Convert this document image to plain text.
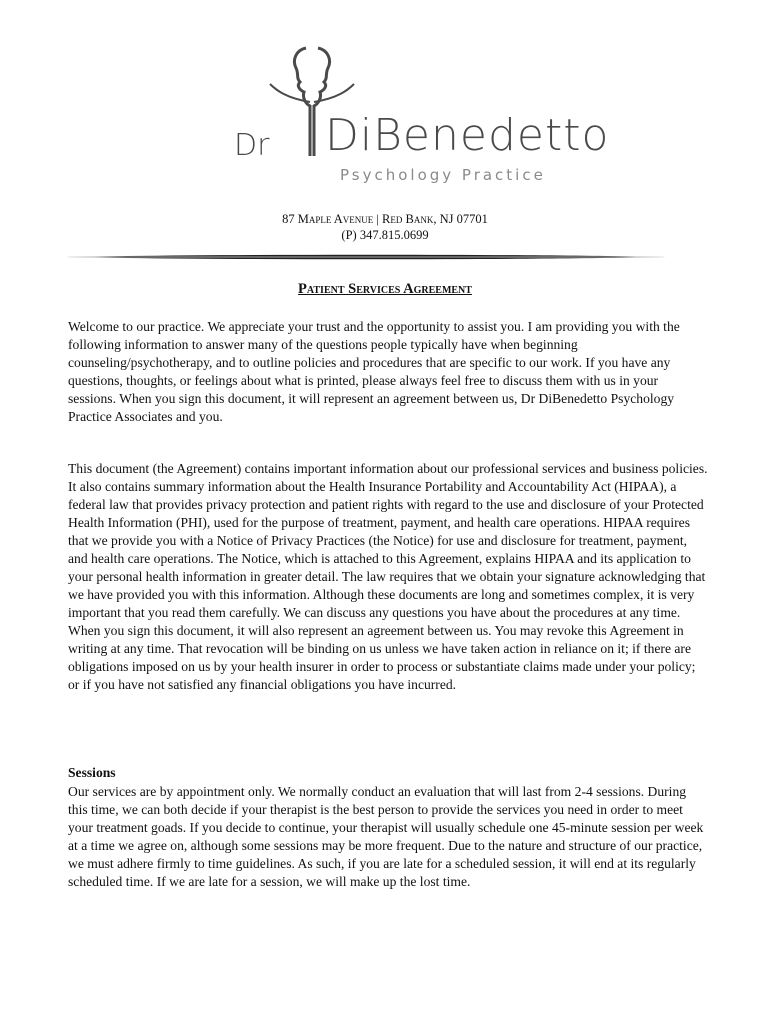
Dr DiBenedetto
Psychology Practice
87 Maple Avenue | Red Bank, NJ 07701
(P) 347.815.0699
Patient Services Agreement

Welcome to our practice. We appreciate your trust and the opportunity to assist you. I am providing you with the following information to answer many of the questions people typically have when beginning counseling/psychotherapy, and to outline policies and procedures that are specific to our work. If you have any questions, thoughts, or feelings about what is printed, please always feel free to discuss them with us in your sessions. When you sign this document, it will represent an agreement between us, Dr DiBenedetto Psychology Practice Associates and you.

This document (the Agreement) contains important information about our professional services and business policies. It also contains summary information about the Health Insurance Portability and Accountability Act (HIPAA), a federal law that provides privacy protection and patient rights with regard to the use and disclosure of your Protected Health Information (PHI), used for the purpose of treatment, payment, and health care operations. HIPAA requires that we provide you with a Notice of Privacy Practices (the Notice) for use and disclosure for treatment, payment, and health care operations. The Notice, which is attached to this Agreement, explains HIPAA and its application to your personal health information in greater detail. The law requires that we obtain your signature acknowledging that we have provided you with this information. Although these documents are long and sometimes complex, it is very important that you read them carefully. We can discuss any questions you have about the procedures at any time. When you sign this document, it will also represent an agreement between us. You may revoke this Agreement in writing at any time. That revocation will be binding on us unless we have taken action in reliance on it; if there are obligations imposed on us by your health insurer in order to process or substantiate claims made under your policy; or if you have not satisfied any financial obligations you have incurred.

Sessions

Our services are by appointment only. We normally conduct an evaluation that will last from 2-4 sessions. During this time, we can both decide if your therapist is the best person to provide the services you need in order to meet your treatment goads. If you decide to continue, your therapist will usually schedule one 45-minute session per week at a time we agree on, although some sessions may be more frequent. Due to the nature and structure of our practice, we must adhere firmly to time guidelines. As such, if you are late for a scheduled session, it will end at its regularly scheduled time. If we are late for a session, we will make up the lost time.
